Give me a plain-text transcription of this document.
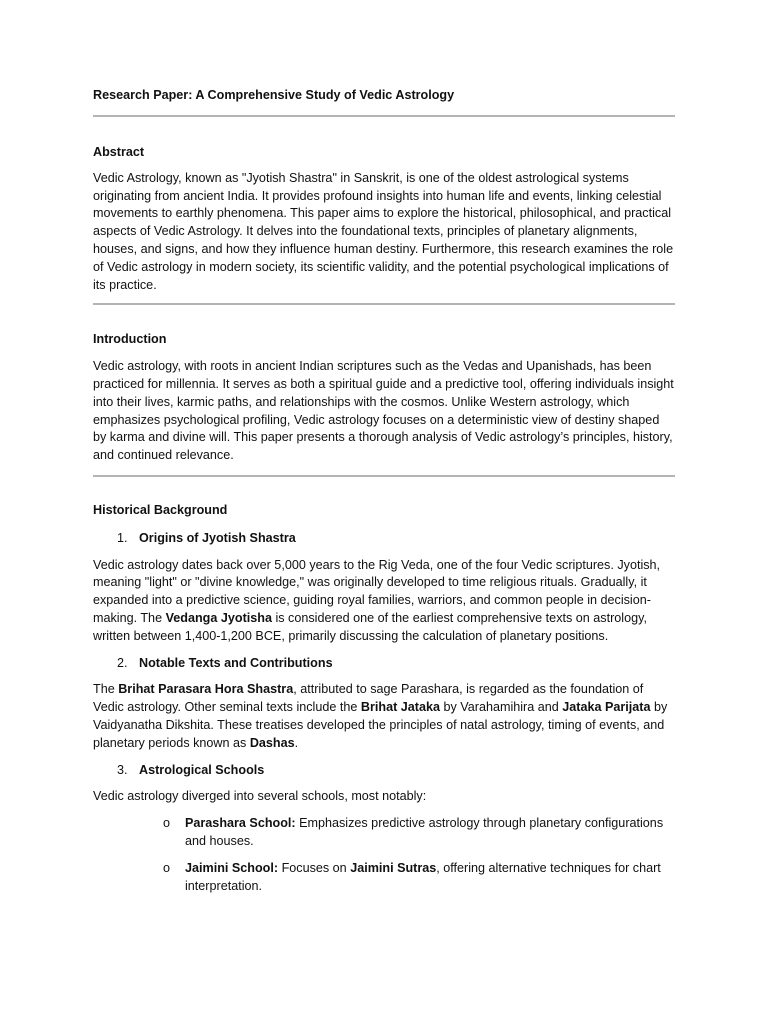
Research Paper: A Comprehensive Study of Vedic Astrology

Abstract

Vedic Astrology, known as "Jyotish Shastra" in Sanskrit, is one of the oldest astrological systems originating from ancient India. It provides profound insights into human life and events, linking celestial movements to earthly phenomena. This paper aims to explore the historical, philosophical, and practical aspects of Vedic Astrology. It delves into the foundational texts, principles of planetary alignments, houses, and signs, and how they influence human destiny. Furthermore, this research examines the role of Vedic astrology in modern society, its scientific validity, and the potential psychological implications of its practice.

Introduction

Vedic astrology, with roots in ancient Indian scriptures such as the Vedas and Upanishads, has been practiced for millennia. It serves as both a spiritual guide and a predictive tool, offering individuals insight into their lives, karmic paths, and relationships with the cosmos. Unlike Western astrology, which emphasizes psychological profiling, Vedic astrology focuses on a deterministic view of destiny shaped by karma and divine will. This paper presents a thorough analysis of Vedic astrology’s principles, history, and continued relevance.

Historical Background

1. Origins of Jyotish Shastra

Vedic astrology dates back over 5,000 years to the Rig Veda, one of the four Vedic scriptures. Jyotish, meaning "light" or "divine knowledge," was originally developed to time religious rituals. Gradually, it expanded into a predictive science, guiding royal families, warriors, and common people in decision-making. The Vedanga Jyotisha is considered one of the earliest comprehensive texts on astrology, written between 1,400-1,200 BCE, primarily discussing the calculation of planetary positions.

2. Notable Texts and Contributions

The Brihat Parasara Hora Shastra, attributed to sage Parashara, is regarded as the foundation of Vedic astrology. Other seminal texts include the Brihat Jataka by Varahamihira and Jataka Parijata by Vaidyanatha Dikshita. These treatises developed the principles of natal astrology, timing of events, and planetary periods known as Dashas.

3. Astrological Schools

Vedic astrology diverged into several schools, most notably:

o	Parashara School: Emphasizes predictive astrology through planetary configurations and houses.
o	Jaimini School: Focuses on Jaimini Sutras, offering alternative techniques for chart interpretation.
